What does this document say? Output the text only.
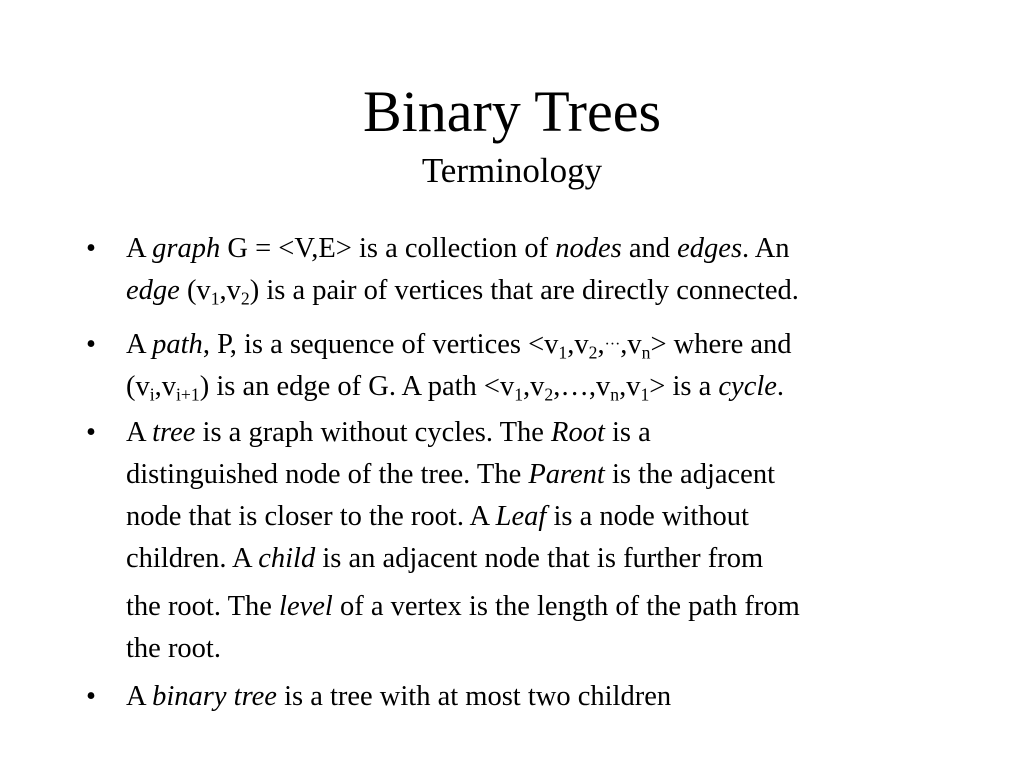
Binary Trees
Terminology
•	A graph G = <V,E> is a collection of nodes and edges. An
edge $(v_1,v_2)$ is a pair of vertices that are directly connected.
•	A path, P, is a sequence of vertices $<v_1,v_2,^\dots,v_n>$ where and
$(v_i,v_{i+1})$ is an edge of G. A path $<v_1,v_2,\dots,v_n,v_1>$ is a cycle.
•	A tree is a graph without cycles. The Root is a
distinguished node of the tree. The Parent is the adjacent
node that is closer to the root. A Leaf is a node without
children. A child is an adjacent node that is further from
the root. The level of a vertex is the length of the path from
the root.
•	A binary tree is a tree with at most two children
